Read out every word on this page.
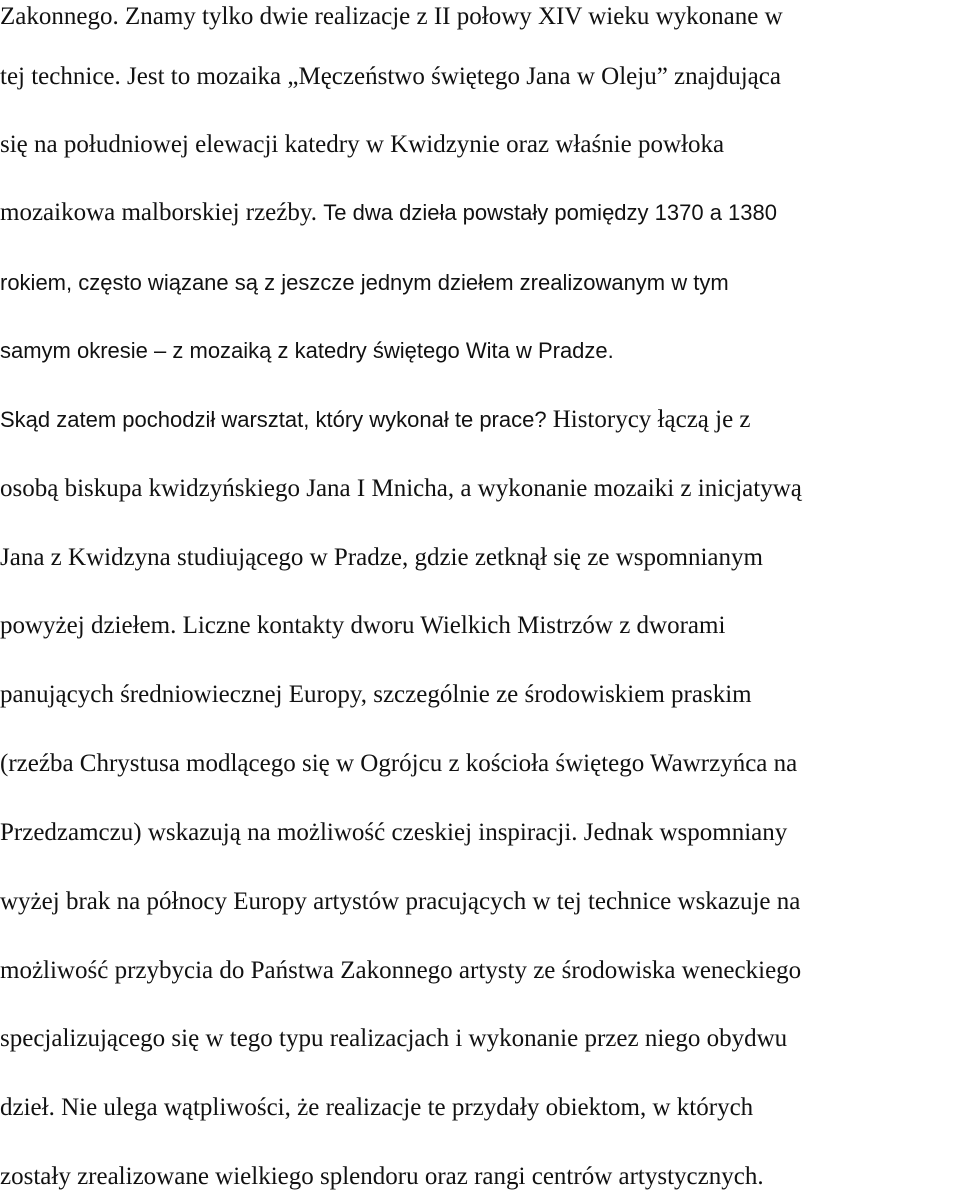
Zakonnego. Znamy tylko dwie realizacje z II połowy XIV wieku wykonane w

tej technice. Jest to mozaika „Męczeństwo świętego Jana w Oleju” znajdująca

się na południowej elewacji katedry w Kwidzynie oraz właśnie powłoka

mozaikowa malborskiej rzeźby. Te dwa dzieła powstały pomiędzy 1370 a 1380

rokiem, często wiązane są z jeszcze jednym dziełem zrealizowanym w tym

samym okresie – z mozaiką z katedry świętego Wita w Pradze.

Skąd zatem pochodził warsztat, który wykonał te prace? Historycy łączą je z

osobą biskupa kwidzyńskiego Jana I Mnicha, a wykonanie mozaiki z inicjatywą

Jana z Kwidzyna studiującego w Pradze, gdzie zetknął się ze wspomnianym

powyżej dziełem. Liczne kontakty dworu Wielkich Mistrzów z dworami

panujących średniowiecznej Europy, szczególnie ze środowiskiem praskim

(rzeźba Chrystusa modlącego się w Ogrójcu z kościoła świętego Wawrzyńca na

Przedzamczu) wskazują na możliwość czeskiej inspiracji. Jednak wspomniany

wyżej brak na północy Europy artystów pracujących w tej technice wskazuje na

możliwość przybycia do Państwa Zakonnego artysty ze środowiska weneckiego

specjalizującego się w tego typu realizacjach i wykonanie przez niego obydwu

dzieł. Nie ulega wątpliwości, że realizacje te przydały obiektom, w których

zostały zrealizowane wielkiego splendoru oraz rangi centrów artystycznych.
